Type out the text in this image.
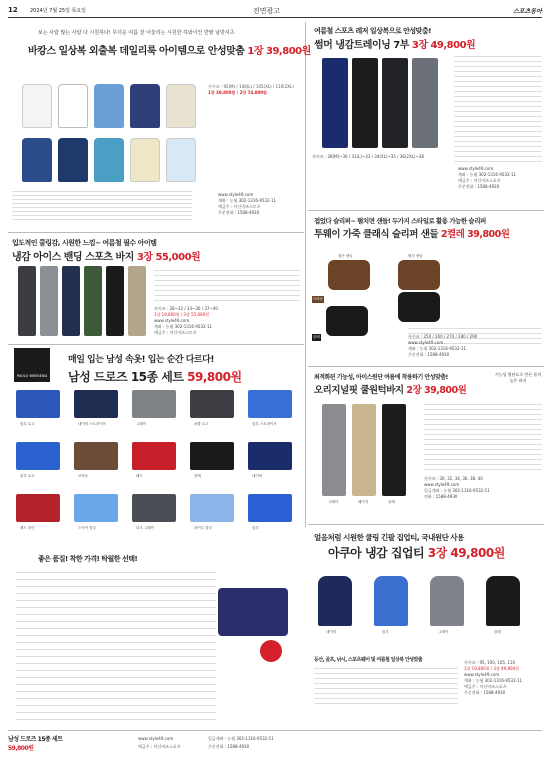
12 2024년 7월 25일 목요일	전면광고	스포츠동아
보는 사람 많는 사람 다 시원하다! 무더운 여름 잘 어울리는 시원한 하와이안 반팔 남방셔츠
바캉스 일상복 외출복 데일리룩 아이템으로 안성맞춤 1장 39,800원
사이즈 : 95(M) / 100(L) / 105(XL) / 110(2XL)
1장 39,800원 / 2장 74,800원
www.style49.com
계좌 : 농협 302-1316-9532-11
예금주 : 이신비즈스토츠
주문전화 : 1588-4930
여름철 스포츠 레저 일상복으로 안성맞춤!
썸머 냉감트레이닝 7부 3장 49,800원
사이즈 : 28(M)~30 / 31(L)~33 / 34(XL)~35 / 36(2XL)~38
www.style49.com
계좌 : 농협 302-1316-9532-11
예금주 : 이신비즈스포츠
주문전화 : 1588-4930
입도적인 쿨링감, 시원한 느낌~ 여름철 필수 아이템
냉감 아이스 밴딩 스포츠 바지 3장 55,000원
사이즈 : 28~32 / 33~36 / 37~40
1장 19,800원 / 3장 55,000원
www.style49.com
계좌 : 농협 302-1316-9532-11
예금주 : 이신비즈스토츠
접었다 슬리퍼~ 펼치면 샌들! 두가지 스타일로 활용 가능한 슬리퍼
투웨이 가죽 클래식 슬리퍼 샌들 2켤레 39,800원
접은 샌들	펼친 샌들
브라운
블랙	사이즈 : 250 / 260 / 270 / 280 / 290
www.style49.com
계좌 : 농협 302-1316-9532-11
주문전화 : 1588-4930
PAOLO WEEKEND
매일 입는 남성 속옷! 입는 순간 다르다!
남성 드로즈 15종 세트 59,800원
블루 로고	네이비 스트라이프	그레이	챠콜 로고	블루 스트라이프
블루 로고	브라운	레드	블랙	네이비
레드 라인	스카이 블루	다크 그레이	라이트 블루	블루
좋은 품질! 착한 가격! 탁월한 선택!
남성 드로즈 15종 세트
59,800원
www.style49.com	입금계좌 : 농협 302-1316-9532-11
예금주 : 이신비즈스포츠	주문전화 : 1588-4930
최적화된 기능성, 아이스원단 여름에 착용하기 안성맞춤!
오리지널핏 쿨원턱바지 2장 39,800원
기능성 원단으로 만든 품격 높은 바지
그레이	베이지	블랙
사이즈 : 30, 32, 34, 36, 38, 40
www.style49.com
입금계좌 : 농협 302-1316-9532-11
전화 : 1588-4930
얼음처럼 시원한 쿨링 긴팔 집업티, 국내원단 사용
아쿠아 냉감 집업티 3장 49,800원
네이비	블루	그레이	블랙
등산, 골프, 낚시, 스포츠웨어 및 여름철 일상복 안성맞춤	사이즈 : 95, 100, 105, 110
1장 19,800원 / 3장 49,800원
www.style49.com
계좌 : 농협 302-1316-9532-11
예금주 : 이신비즈스포츠
주문전화 : 1588-4930
